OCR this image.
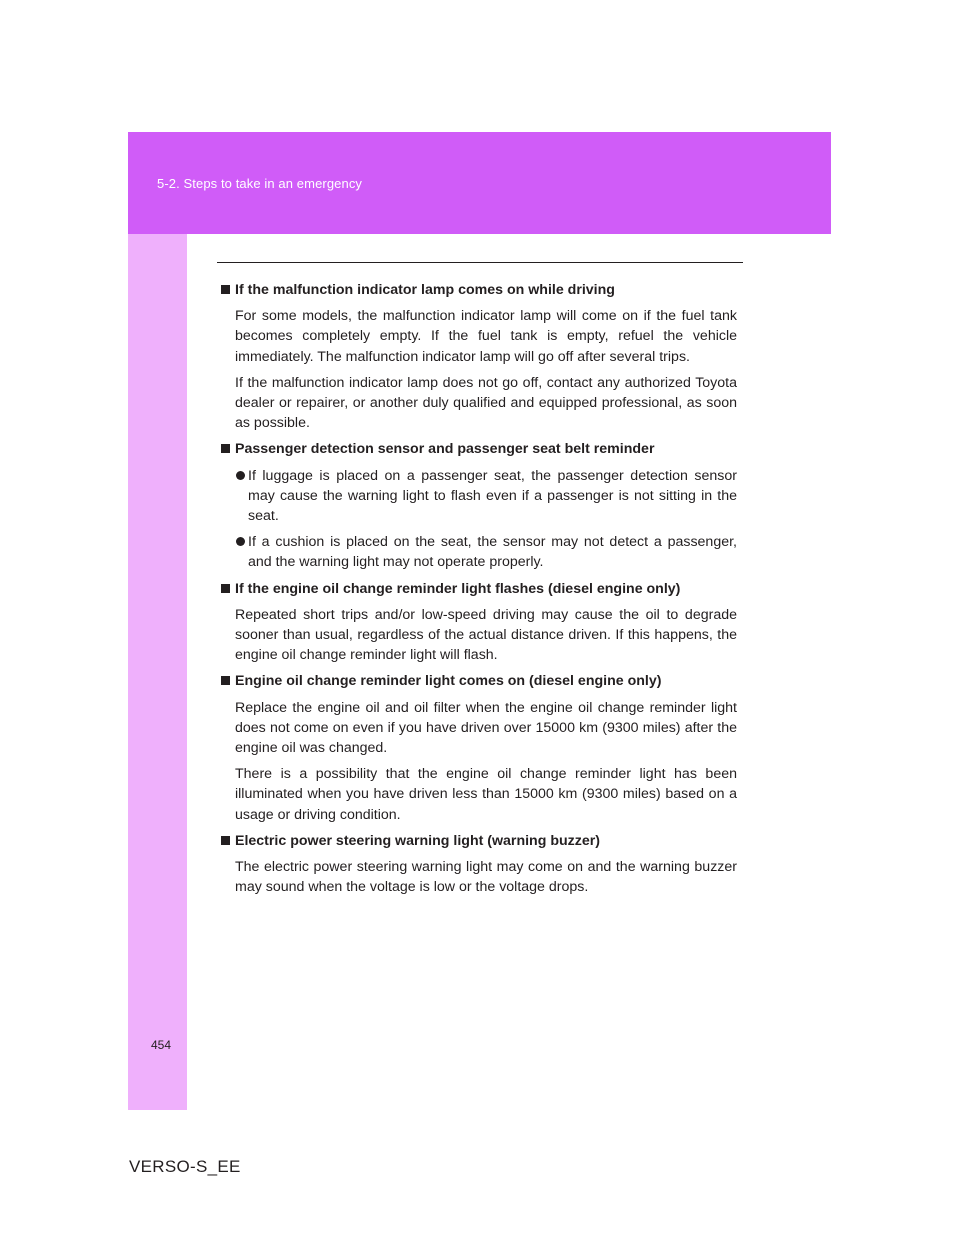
5-2. Steps to take in an emergency
If the malfunction indicator lamp comes on while driving

For some models, the malfunction indicator lamp will come on if the fuel tank becomes completely empty. If the fuel tank is empty, refuel the vehicle immediately. The malfunction indicator lamp will go off after several trips.

If the malfunction indicator lamp does not go off, contact any authorized Toyota dealer or repairer, or another duly qualified and equipped professional, as soon as possible.

Passenger detection sensor and passenger seat belt reminder
If luggage is placed on a passenger seat, the passenger detection sensor may cause the warning light to flash even if a passenger is not sitting in the seat.
If a cushion is placed on the seat, the sensor may not detect a passenger, and the warning light may not operate properly.
If the engine oil change reminder light flashes (diesel engine only)

Repeated short trips and/or low-speed driving may cause the oil to degrade sooner than usual, regardless of the actual distance driven. If this happens, the engine oil change reminder light will flash.

Engine oil change reminder light comes on (diesel engine only)

Replace the engine oil and oil filter when the engine oil change reminder light does not come on even if you have driven over 15000 km (9300 miles) after the engine oil was changed.

There is a possibility that the engine oil change reminder light has been illuminated when you have driven less than 15000 km (9300 miles) based on a usage or driving condition.

Electric power steering warning light (warning buzzer)

The electric power steering warning light may come on and the warning buzzer may sound when the voltage is low or the voltage drops.

454
VERSO-S_EE
